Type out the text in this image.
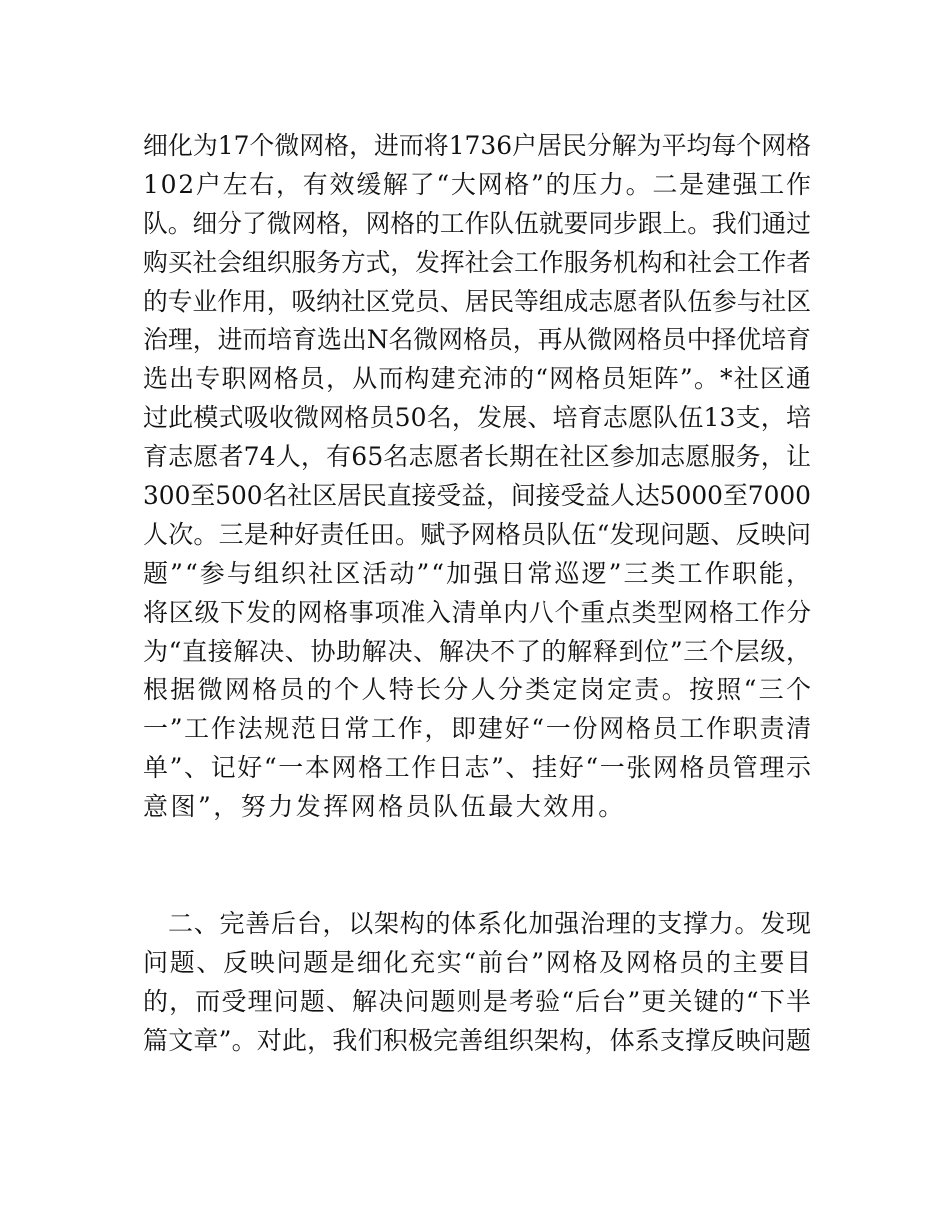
细化为17个微网格，进而将1736户居民分解为平均每个网格
102户左右，有效缓解了“大网格”的压力。二是建强工作
队。细分了微网格，网格的工作队伍就要同步跟上。我们通过
购买社会组织服务方式，发挥社会工作服务机构和社会工作者
的专业作用，吸纳社区党员、居民等组成志愿者队伍参与社区
治理，进而培育选出N名微网格员，再从微网格员中择优培育
选出专职网格员，从而构建充沛的“网格员矩阵”。*社区通
过此模式吸收微网格员50名，发展、培育志愿队伍13支，培
育志愿者74人，有65名志愿者长期在社区参加志愿服务，让
300至500名社区居民直接受益，间接受益人达5000至7000
人次。三是种好责任田。赋予网格员队伍“发现问题、反映问
题”“参与组织社区活动”“加强日常巡逻”三类工作职能，
将区级下发的网格事项准入清单内八个重点类型网格工作分
为“直接解决、协助解决、解决不了的解释到位”三个层级，
根据微网格员的个人特长分人分类定岗定责。按照“三个
一”工作法规范日常工作，即建好“一份网格员工作职责清
单”、记好“一本网格工作日志”、挂好“一张网格员管理示
意图”，努力发挥网格员队伍最大效用。
二、完善后台，以架构的体系化加强治理的支撑力。发现
问题、反映问题是细化充实“前台”网格及网格员的主要目
的，而受理问题、解决问题则是考验“后台”更关键的“下半
篇文章”。对此，我们积极完善组织架构，体系支撑反映问题
